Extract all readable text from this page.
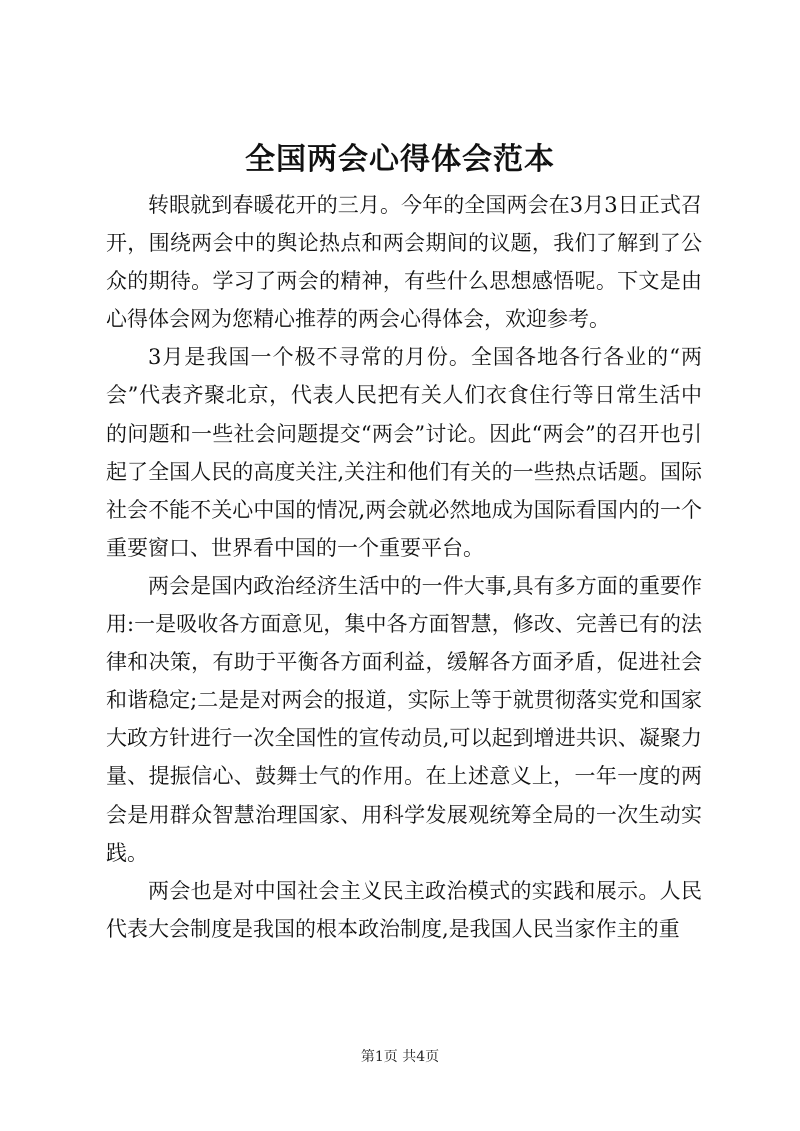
全国两会心得体会范本

转眼就到春暖花开的三月。今年的全国两会在3月3日正式召开，围绕两会中的舆论热点和两会期间的议题，我们了解到了公众的期待。学习了两会的精神，有些什么思想感悟呢。下文是由心得体会网为您精心推荐的两会心得体会，欢迎参考。

3月是我国一个极不寻常的月份。全国各地各行各业的“两会”代表齐聚北京，代表人民把有关人们衣食住行等日常生活中的问题和一些社会问题提交“两会”讨论。因此“两会”的召开也引起了全国人民的高度关注,关注和他们有关的一些热点话题。国际社会不能不关心中国的情况,两会就必然地成为国际看国内的一个重要窗口、世界看中国的一个重要平台。

两会是国内政治经济生活中的一件大事,具有多方面的重要作用:一是吸收各方面意见，集中各方面智慧，修改、完善已有的法律和决策，有助于平衡各方面利益，缓解各方面矛盾，促进社会和谐稳定;二是是对两会的报道，实际上等于就贯彻落实党和国家大政方针进行一次全国性的宣传动员,可以起到增进共识、凝聚力量、提振信心、鼓舞士气的作用。在上述意义上，一年一度的两会是用群众智慧治理国家、用科学发展观统筹全局的一次生动实践。

两会也是对中国社会主义民主政治模式的实践和展示。人民代表大会制度是我国的根本政治制度,是我国人民当家作主的重

第1页 共4页
